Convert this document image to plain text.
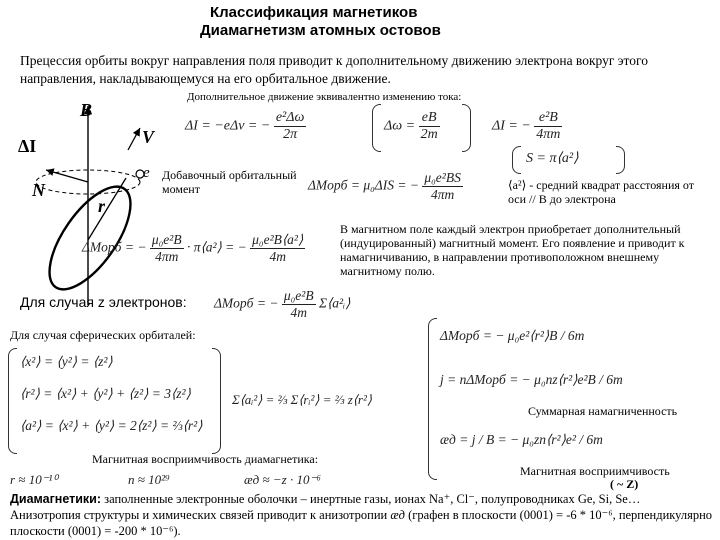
Классификация магнетиков
Диамагнетизм атомных остовов
Прецессия орбиты вокруг направления поля приводит к дополнительному движению электрона вокруг этого направления, накладывающемуся на его орбитальное движение.
Дополнительное движение эквивалентно изменению тока:
B
V
ΔI
N
r
e
ΔI = −eΔν = − $\frac{\text{e²Δω}}{2\pi}$	$\Delta\omega = \frac{eB}{2m}$	ΔI = − $\frac{\text{e²B}}{4\pi m}$
S = π⟨a²⟩
Добавочный орбитальный момент	ΔMорб = μ₀ΔIS = − $\frac{\text{μ₀e²BS}}{4\pi m}$	⟨a²⟩ - средний квадрат расстояния от оси // B до электрона
ΔMорб = − $\frac{\text{μ₀e²B}}{4\pi m}$ · π⟨a²⟩ = − $\frac{\text{μ₀e²B⟨a²⟩}}{4m}$
В магнитном поле каждый электрон приобретает дополнительный (индуцированный) магнитный момент. Его появление и приводит к намагничиванию, в направлении противоположном внешнему магнитному полю.
Для случая z электронов: ΔMорб = − $\frac{\text{μ₀e²B}}{4m}$ Σ⟨a²ᵢ⟩
Для случая сферических орбиталей:
⟨x²⟩ = ⟨y²⟩ = ⟨z²⟩
⟨r²⟩ = ⟨x²⟩ + ⟨y²⟩ + ⟨z²⟩ = 3⟨z²⟩
⟨a²⟩ = ⟨x²⟩ + ⟨y²⟩ = 2⟨z²⟩ = ⅔⟨r²⟩
Σ⟨aᵢ²⟩ = ⅔ Σ⟨rᵢ²⟩ = ⅔ z⟨r²⟩
ΔMорб = − μ₀e²⟨r²⟩B / 6m
j = nΔMорб = − μ₀nz⟨r²⟩e²B / 6m
Суммарная намагниченность
æд = j / B = − μ₀zn⟨r²⟩e² / 6m
Магнитная восприимчивость
( ~ Z)
Магнитная восприимчивость диамагнетика:
r ≈ 10⁻¹⁰	n ≈ 10²⁹	æд ≈ −z · 10⁻⁶
Диамагнетики: заполненные электронные оболочки – инертные газы, ионах Na⁺, Cl⁻, полупроводниках Ge, Si, Se… Анизотропия структуры и химических связей приводит к анизотропии æд (графен в плоскости (0001) = -6 * 10⁻⁶, перпендикулярно плоскости (0001) = -200 * 10⁻⁶).
